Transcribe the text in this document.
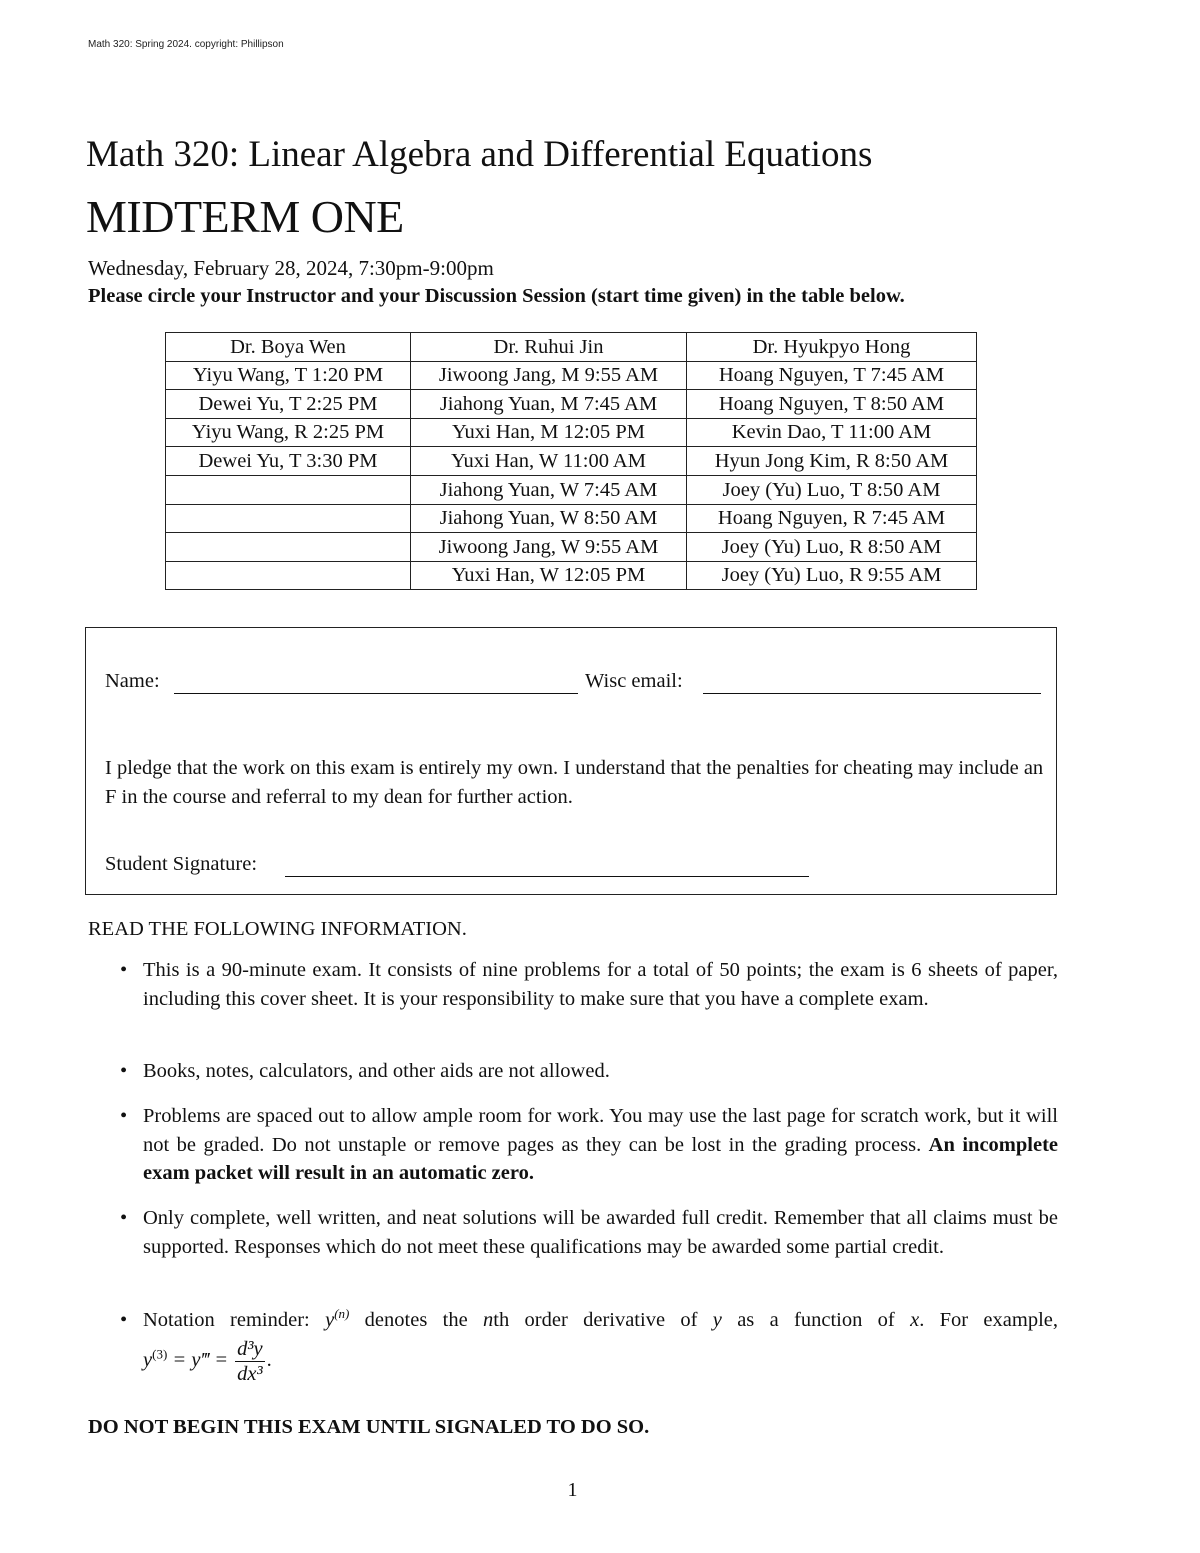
Math 320: Spring 2024. copyright: Phillipson
Math 320: Linear Algebra and Differential Equations
MIDTERM ONE
Wednesday, February 28, 2024, 7:30pm-9:00pm
Please circle your Instructor and your Discussion Session (start time given) in the table below.
Dr. Boya Wen	Dr. Ruhui Jin	Dr. Hyukpyo Hong
Yiyu Wang, T 1:20 PM	Jiwoong Jang, M 9:55 AM	Hoang Nguyen, T 7:45 AM
Dewei Yu, T 2:25 PM	Jiahong Yuan, M 7:45 AM	Hoang Nguyen, T 8:50 AM
Yiyu Wang, R 2:25 PM	Yuxi Han, M 12:05 PM	Kevin Dao, T 11:00 AM
Dewei Yu, T 3:30 PM	Yuxi Han, W 11:00 AM	Hyun Jong Kim, R 8:50 AM
	Jiahong Yuan, W 7:45 AM	Joey (Yu) Luo, T 8:50 AM
	Jiahong Yuan, W 8:50 AM	Hoang Nguyen, R 7:45 AM
	Jiwoong Jang, W 9:55 AM	Joey (Yu) Luo, R 8:50 AM
	Yuxi Han, W 12:05 PM	Joey (Yu) Luo, R 9:55 AM
Name:	Wisc email:
I pledge that the work on this exam is entirely my own. I understand that the penalties for cheating may include an F in the course and referral to my dean for further action.
Student Signature:
READ THE FOLLOWING INFORMATION.
• This is a 90-minute exam. It consists of nine problems for a total of 50 points; the exam is 6 sheets of paper, including this cover sheet. It is your responsibility to make sure that you have a complete exam.
• Books, notes, calculators, and other aids are not allowed.
• Problems are spaced out to allow ample room for work. You may use the last page for scratch work, but it will not be graded. Do not unstaple or remove pages as they can be lost in the grading process. An incomplete exam packet will result in an automatic zero.
• Only complete, well written, and neat solutions will be awarded full credit. Remember that all claims must be supported. Responses which do not meet these qualifications may be awarded some partial credit.
• Notation reminder: $y^{(n)}$ denotes the nth order derivative of y as a function of x. For example,
$y^{(3)}$ = y‴ = $\frac{\text{d³y}}{\text{dx³}}$ .
DO NOT BEGIN THIS EXAM UNTIL SIGNALED TO DO SO.
1
